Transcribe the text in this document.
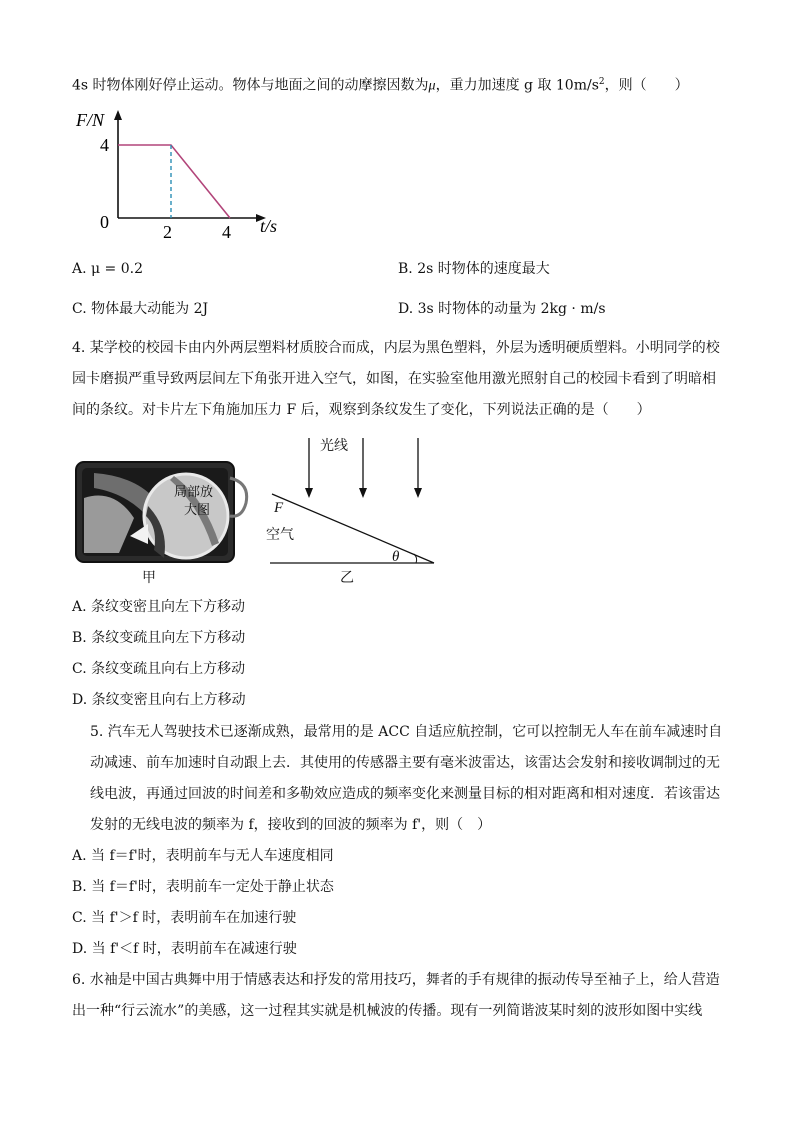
4s 时物体刚好停止运动。物体与地面之间的动摩擦因数为μ，重力加速度 g 取 $10m/s^2$，则（　　）
F/N
4
0	2	4 t/s
A. μ = 0.2	B. 2s 时物体的速度最大
C. 物体最大动能为 2J	D. 3s 时物体的动量为 2kg · m/s
4. 某学校的校园卡由内外两层塑料材质胶合而成，内层为黑色塑料，外层为透明硬质塑料。小明同学的校
园卡磨损严重导致两层间左下角张开进入空气，如图，在实验室他用激光照射自己的校园卡看到了明暗相
间的条纹。对卡片左下角施加压力 F 后，观察到条纹发生了变化，下列说法正确的是（　　）
局部放
大图
甲
光线
F
空气
θ
乙
A. 条纹变密且向左下方移动
B. 条纹变疏且向左下方移动
C. 条纹变疏且向右上方移动
D. 条纹变密且向右上方移动
5. 汽车无人驾驶技术已逐渐成熟，最常用的是 ACC 自适应航控制，它可以控制无人车在前车减速时自
动减速、前车加速时自动跟上去．其使用的传感器主要有毫米波雷达，该雷达会发射和接收调制过的无
线电波，再通过回波的时间差和多勒效应造成的频率变化来测量目标的相对距离和相对速度．若该雷达
发射的无线电波的频率为 f，接收到的回波的频率为 f'，则（　）
A. 当 f＝f'时，表明前车与无人车速度相同
B. 当 f＝f'时，表明前车一定处于静止状态
C. 当 f'＞f 时，表明前车在加速行驶
D. 当 f'＜f 时，表明前车在减速行驶
6. 水袖是中国古典舞中用于情感表达和抒发的常用技巧，舞者的手有规律的振动传导至袖子上，给人营造
出一种“行云流水”的美感，这一过程其实就是机械波的传播。现有一列简谐波某时刻的波形如图中实线
